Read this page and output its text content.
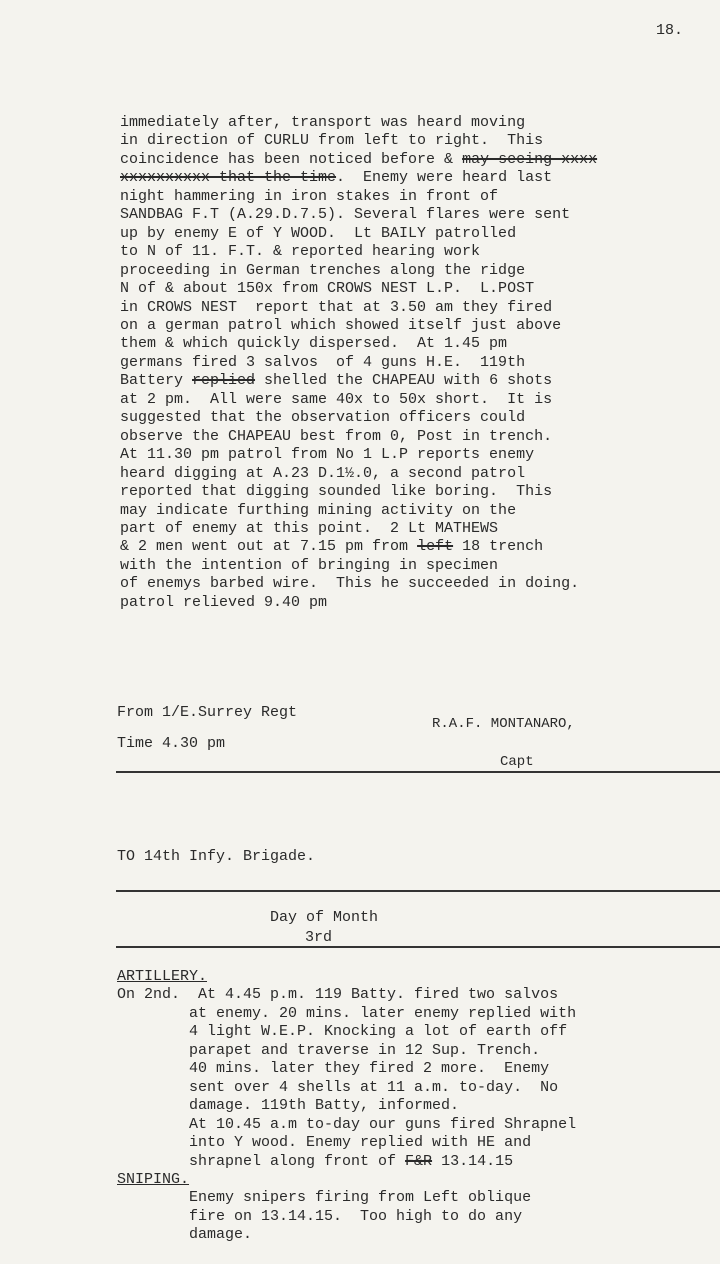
18.
immediately after, transport was heard moving
in direction of CURLU from left to right.  This
coincidence has been noticed before & may seeing xxxx
xxxxxxxxxx that the time.  Enemy were heard last
night hammering in iron stakes in front of
SANDBAG F.T (A.29.D.7.5). Several flares were sent
up by enemy E of Y WOOD.  Lt BAILY patrolled
to N of 11. F.T. & reported hearing work
proceeding in German trenches along the ridge
N of & about 150x from CROWS NEST L.P.  L.POST
in CROWS NEST  report that at 3.50 am they fired
on a german patrol which showed itself just above
them & which quickly dispersed.  At 1.45 pm
germans fired 3 salvos  of 4 guns H.E.  119th
Battery replied shelled the CHAPEAU with 6 shots
at 2 pm.  All were same 40x to 50x short.  It is
suggested that the observation officers could
observe the CHAPEAU best from 0, Post in trench.
At 11.30 pm patrol from No 1 L.P reports enemy
heard digging at A.23 D.1½.0, a second patrol
reported that digging sounded like boring.  This
may indicate furthing mining activity on the
part of enemy at this point.  2 Lt MATHEWS
& 2 men went out at 7.15 pm from left 18 trench
with the intention of bringing in specimen
of enemys barbed wire.  This he succeeded in doing.
patrol relieved 9.40 pm
From 1/E.Surrey Regt
Time 4.30 pm
R.A.F. MONTANARO,
Capt
TO 14th Infy. Brigade.
Day of Month
3rd
ARTILLERY.
On 2nd.  At 4.45 p.m. 119 Batty. fired two salvos
at enemy. 20 mins. later enemy replied with
4 light W.E.P. Knocking a lot of earth off
parapet and traverse in 12 Sup. Trench.
40 mins. later they fired 2 more.  Enemy
sent over 4 shells at 11 a.m. to-day.  No
damage. 119th Batty, informed.
At 10.45 a.m to-day our guns fired Shrapnel
into Y wood. Enemy replied with HE and
shrapnel along front of F&R 13.14.15
SNIPING.
Enemy snipers firing from Left oblique
fire on 13.14.15.  Too high to do any
damage.
